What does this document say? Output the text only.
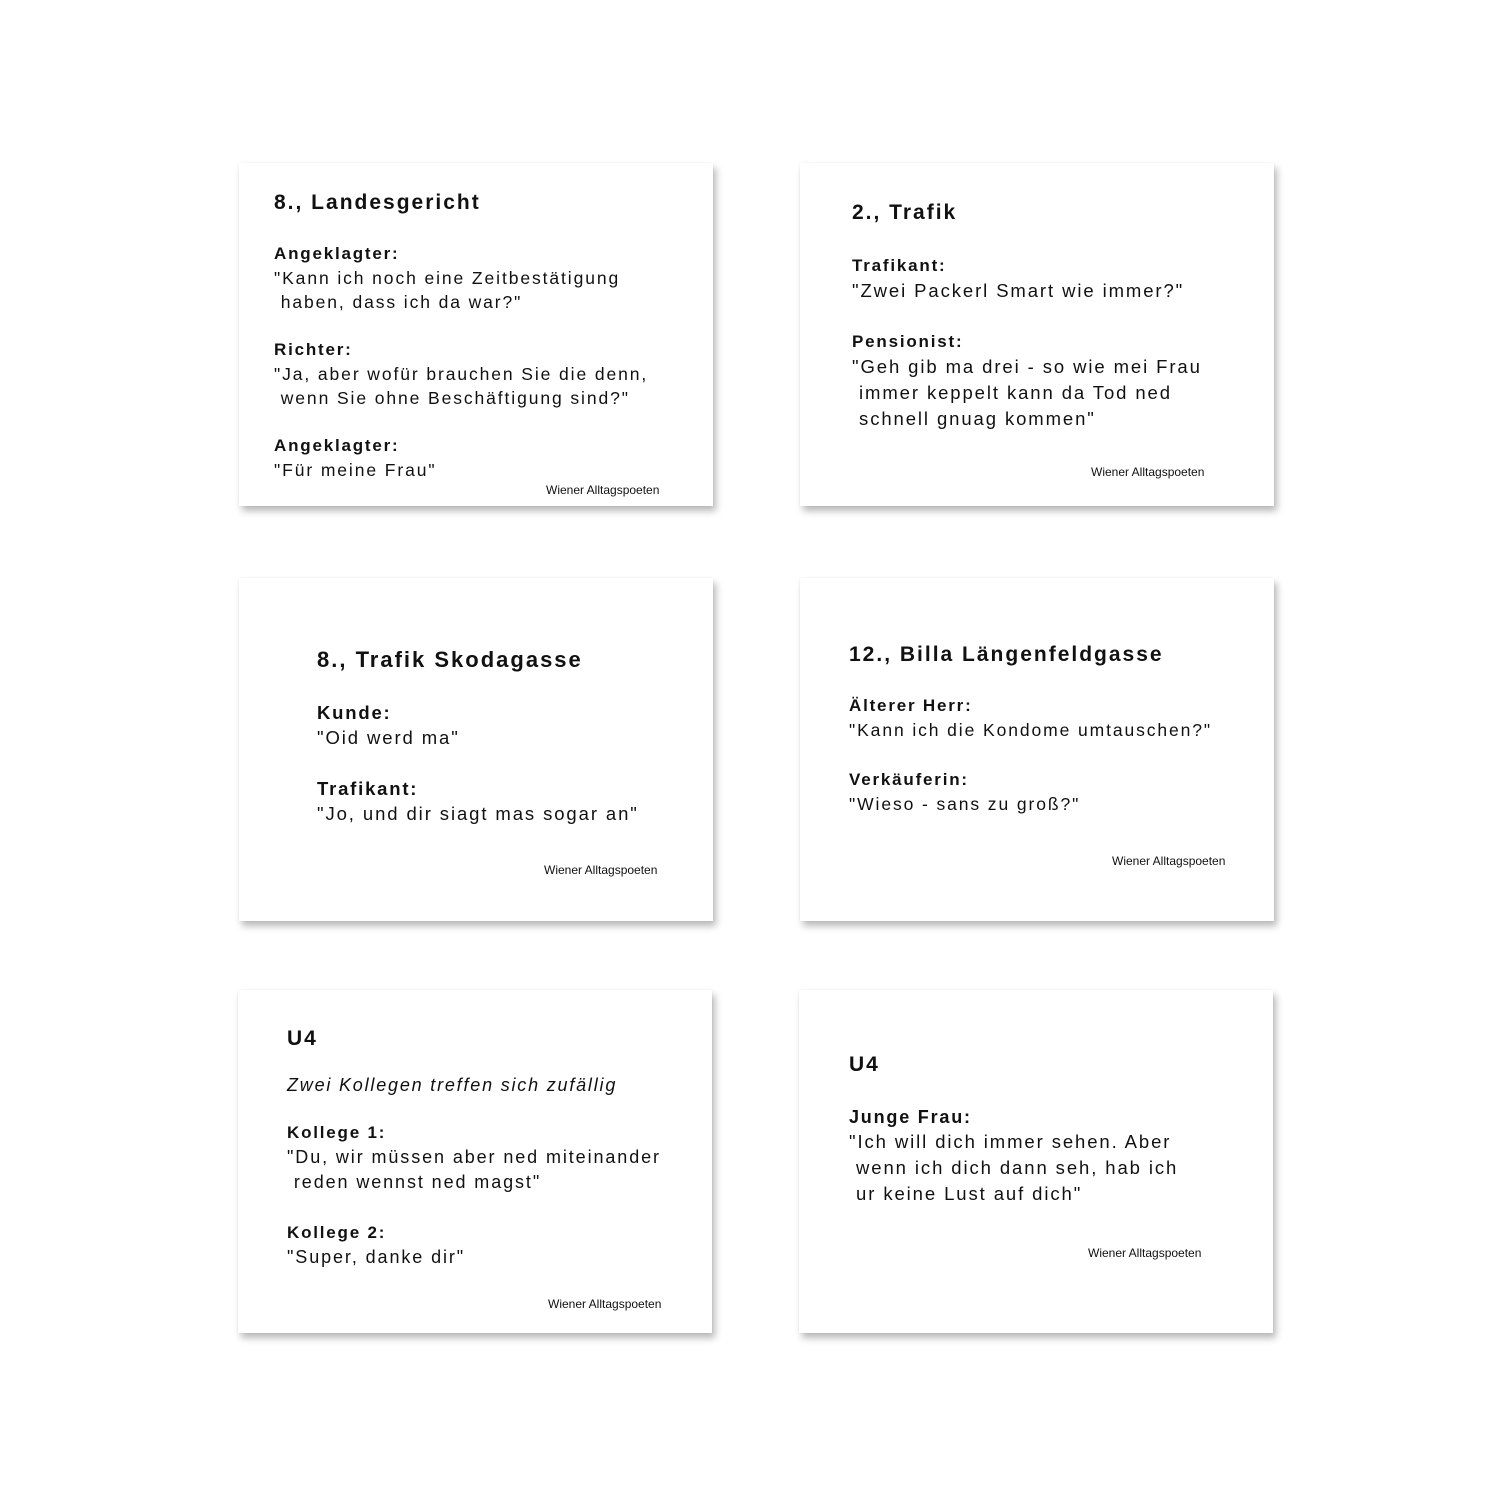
8., Landesgericht
Angeklagter:
"Kann ich noch eine Zeitbestätigung
haben, dass ich da war?"
Richter:
"Ja, aber wofür brauchen Sie die denn,
wenn Sie ohne Beschäftigung sind?"
Angeklagter:
"Für meine Frau"
Wiener Alltagspoeten
2., Trafik
Trafikant:
"Zwei Packerl Smart wie immer?"
Pensionist:
"Geh gib ma drei - so wie mei Frau
immer keppelt kann da Tod ned
schnell gnuag kommen"
Wiener Alltagspoeten
8., Trafik Skodagasse
Kunde:
"Oid werd ma"
Trafikant:
"Jo, und dir siagt mas sogar an"
Wiener Alltagspoeten
12., Billa Längenfeldgasse
Älterer Herr:
"Kann ich die Kondome umtauschen?"
Verkäuferin:
"Wieso - sans zu groß?"
Wiener Alltagspoeten
U4
Zwei Kollegen treffen sich zufällig
Kollege 1:
"Du, wir müssen aber ned miteinander
reden wennst ned magst"
Kollege 2:
"Super, danke dir"
Wiener Alltagspoeten
U4
Junge Frau:
"Ich will dich immer sehen. Aber
wenn ich dich dann seh, hab ich
ur keine Lust auf dich"
Wiener Alltagspoeten
